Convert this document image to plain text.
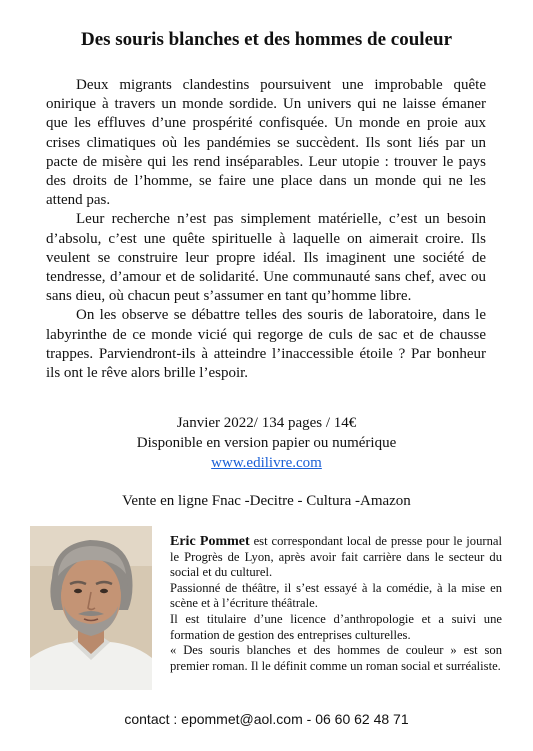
Des souris blanches et des hommes de couleur

Deux migrants clandestins poursuivent une improbable quête onirique à travers un monde sordide. Un univers qui ne laisse émaner que les effluves d’une prospérité confisquée. Un monde en proie aux crises climatiques où les pandémies se succèdent. Ils sont liés par un pacte de misère qui les rend inséparables. Leur utopie : trouver le pays des droits de l’homme, se faire une place dans un monde qui ne les attend pas.

Leur recherche n’est pas simplement matérielle, c’est un besoin d’absolu, c’est une quête spirituelle à laquelle on aimerait croire. Ils veulent se construire leur propre idéal. Ils imaginent une société de tendresse, d’amour et de solidarité. Une communauté sans chef, avec ou sans dieu, où chacun peut s’assumer en tant qu’homme libre.

On les observe se débattre telles des souris de laboratoire, dans le labyrinthe de ce monde vicié qui regorge de culs de sac et de chausse trappes. Parviendront-ils à atteindre l’inaccessible étoile ? Par bonheur ils ont le rêve alors brille l’espoir.

Janvier 2022/ 134 pages / 14€
Disponible en version papier ou numérique
www.edilivre.com
Vente en ligne Fnac -Decitre - Cultura -Amazon

Eric Pommet est correspondant local de presse pour le journal le Progrès de Lyon, après avoir fait carrière dans le secteur du social et du culturel.

Passionné de théâtre, il s’est essayé à la comédie, à la mise en scène et à l’écriture théâtrale.

Il est titulaire d’une licence d’anthropologie et a suivi une formation de gestion des entreprises culturelles.

« Des souris blanches et des hommes de couleur » est son premier roman. Il le définit comme un roman social et surréaliste.

contact : epommet@aol.com - 06 60 62 48 71
